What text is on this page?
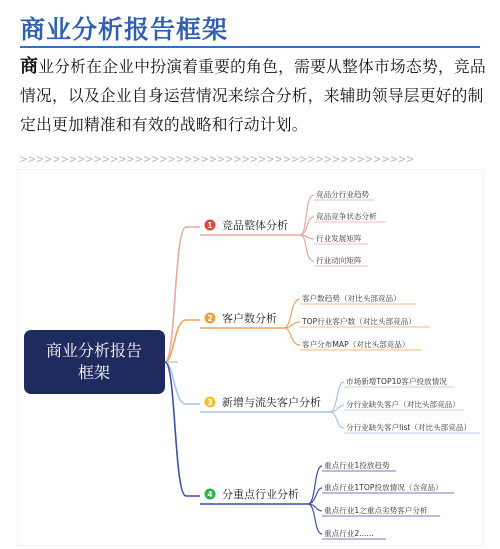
商业分析报告框架
商业分析在企业中扮演着重要的角色，需要从整体市场态势，竞品情况，以及企业自身运营情况来综合分析，来辅助领导层更好的制定出更加精准和有效的战略和行动计划。
>>>>>>>>>>>>>>>>>>>>>>>>>>>>>>>>>>>>>>>>>>>>>>>>
商业分析报告
框架
1 竞品整体分析
2 客户数分析
3 新增与流失客户分析
4 分重点行业分析
竞品分行业趋势
竞品竞争状态分析
行业发展矩阵
行业动向矩阵
客户数趋势（对比头部竞品）
TOP行业客户数（对比头部竞品）
客户分布MAP（对比头部竞品）
市场新增TOP10客户投放情况
分行业缺失客户（对比头部竞品）
分行业缺失客户list（对比头部竞品）
重点行业1投放趋势
重点行业1TOP投放情况（含竞品）
重点行业1之重点劣势客户分析
重点行业2......
